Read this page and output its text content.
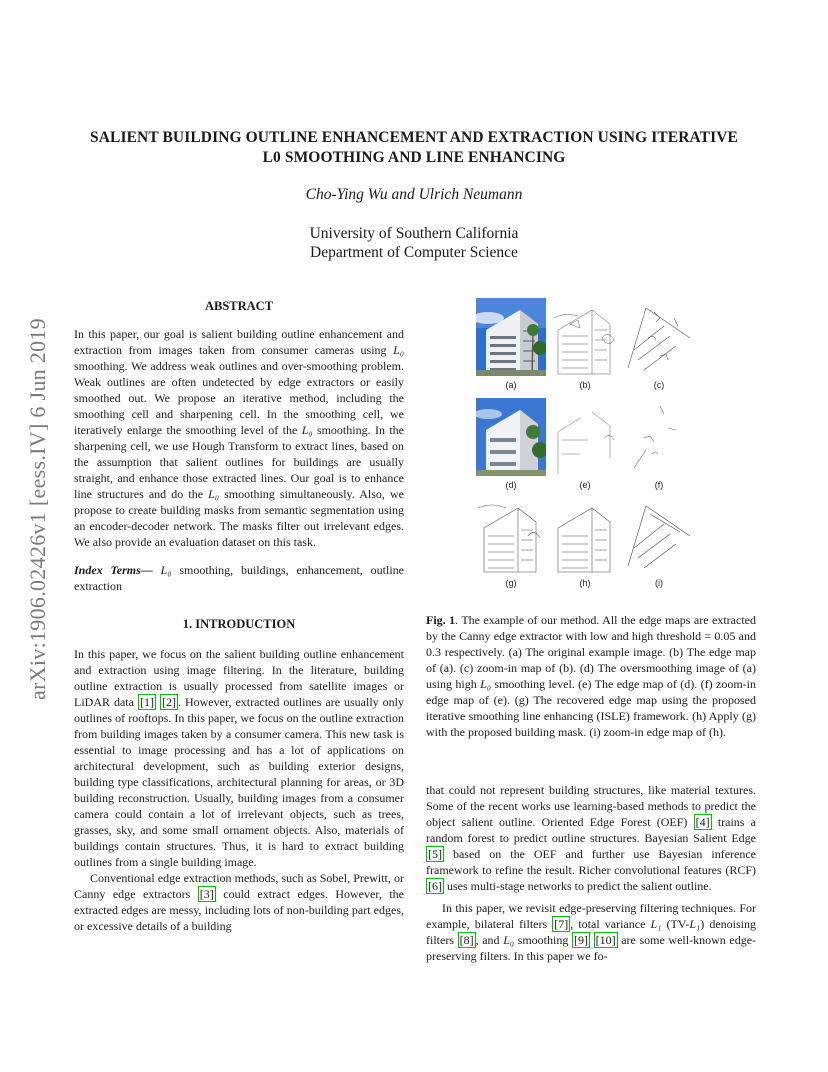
SALIENT BUILDING OUTLINE ENHANCEMENT AND EXTRACTION USING ITERATIVE
L0 SMOOTHING AND LINE ENHANCING
Cho-Ying Wu and Ulrich Neumann
University of Southern California
Department of Computer Science
arXiv:1906.02426v1 [eess.IV] 6 Jun 2019

ABSTRACT

In this paper, our goal is salient building outline enhancement and extraction from images taken from consumer cameras using L₀ smoothing. We address weak outlines and over-smoothing problem. Weak outlines are often undetected by edge extractors or easily smoothed out. We propose an iterative method, including the smoothing cell and sharpening cell. In the smoothing cell, we iteratively enlarge the smoothing level of the L₀ smoothing. In the sharpening cell, we use Hough Transform to extract lines, based on the assumption that salient outlines for buildings are usually straight, and enhance those extracted lines. Our goal is to enhance line structures and do the L₀ smoothing simultaneously. Also, we propose to create building masks from semantic segmentation using an encoder-decoder network. The masks filter out irrelevant edges. We also provide an evaluation dataset on this task.

Index Terms— L₀ smoothing, buildings, enhancement, outline extraction

1. INTRODUCTION

In this paper, we focus on the salient building outline enhancement and extraction using image filtering. In the literature, building outline extraction is usually processed from satellite images or LiDAR data [1] [2] . However, extracted outlines are usually only outlines of rooftops. In this paper, we focus on the outline extraction from building images taken by a consumer camera. This new task is essential to image processing and has a lot of applications on architectural development, such as building exterior designs, building type classifications, architectural planning for areas, or 3D building reconstruction. Usually, building images from a consumer camera could contain a lot of irrelevant objects, such as trees, grasses, sky, and some small ornament objects. Also, materials of buildings contain structures. Thus, it is hard to extract building outlines from a single building image.

Conventional edge extraction methods, such as Sobel, Prewitt, or Canny edge extractors [3] could extract edges. However, the extracted edges are messy, including lots of non-building part edges, or excessive details of a building

(a)	(b)	(c)
(d)	(e)	(f)
(g)	(h)	(i)
Fig. 1. The example of our method. All the edge maps are extracted by the Canny edge extractor with low and high threshold = 0.05 and 0.3 respectively. (a) The original example image. (b) The edge map of (a). (c) zoom-in map of (b). (d) The oversmoothing image of (a) using high L₀ smoothing level. (e) The edge map of (d). (f) zoom-in edge map of (e). (g) The recovered edge map using the proposed iterative smoothing line enhancing (ISLE) framework. (h) Apply (g) with the proposed building mask. (i) zoom-in edge map of (h).

that could not represent building structures, like material textures. Some of the recent works use learning-based methods to predict the object salient outline. Oriented Edge Forest (OEF) [4] trains a random forest to predict outline structures. Bayesian Salient Edge [5] based on the OEF and further use Bayesian inference framework to refine the result. Richer convolutional features (RCF) [6] uses multi-stage networks to predict the salient outline.

In this paper, we revisit edge-preserving filtering techniques. For example, bilateral filters [7] , total variance L₁ (TV-L₁) denoising filters [8] , and L₀ smoothing [9] [10] are some well-known edge-preserving filters. In this paper we fo-
